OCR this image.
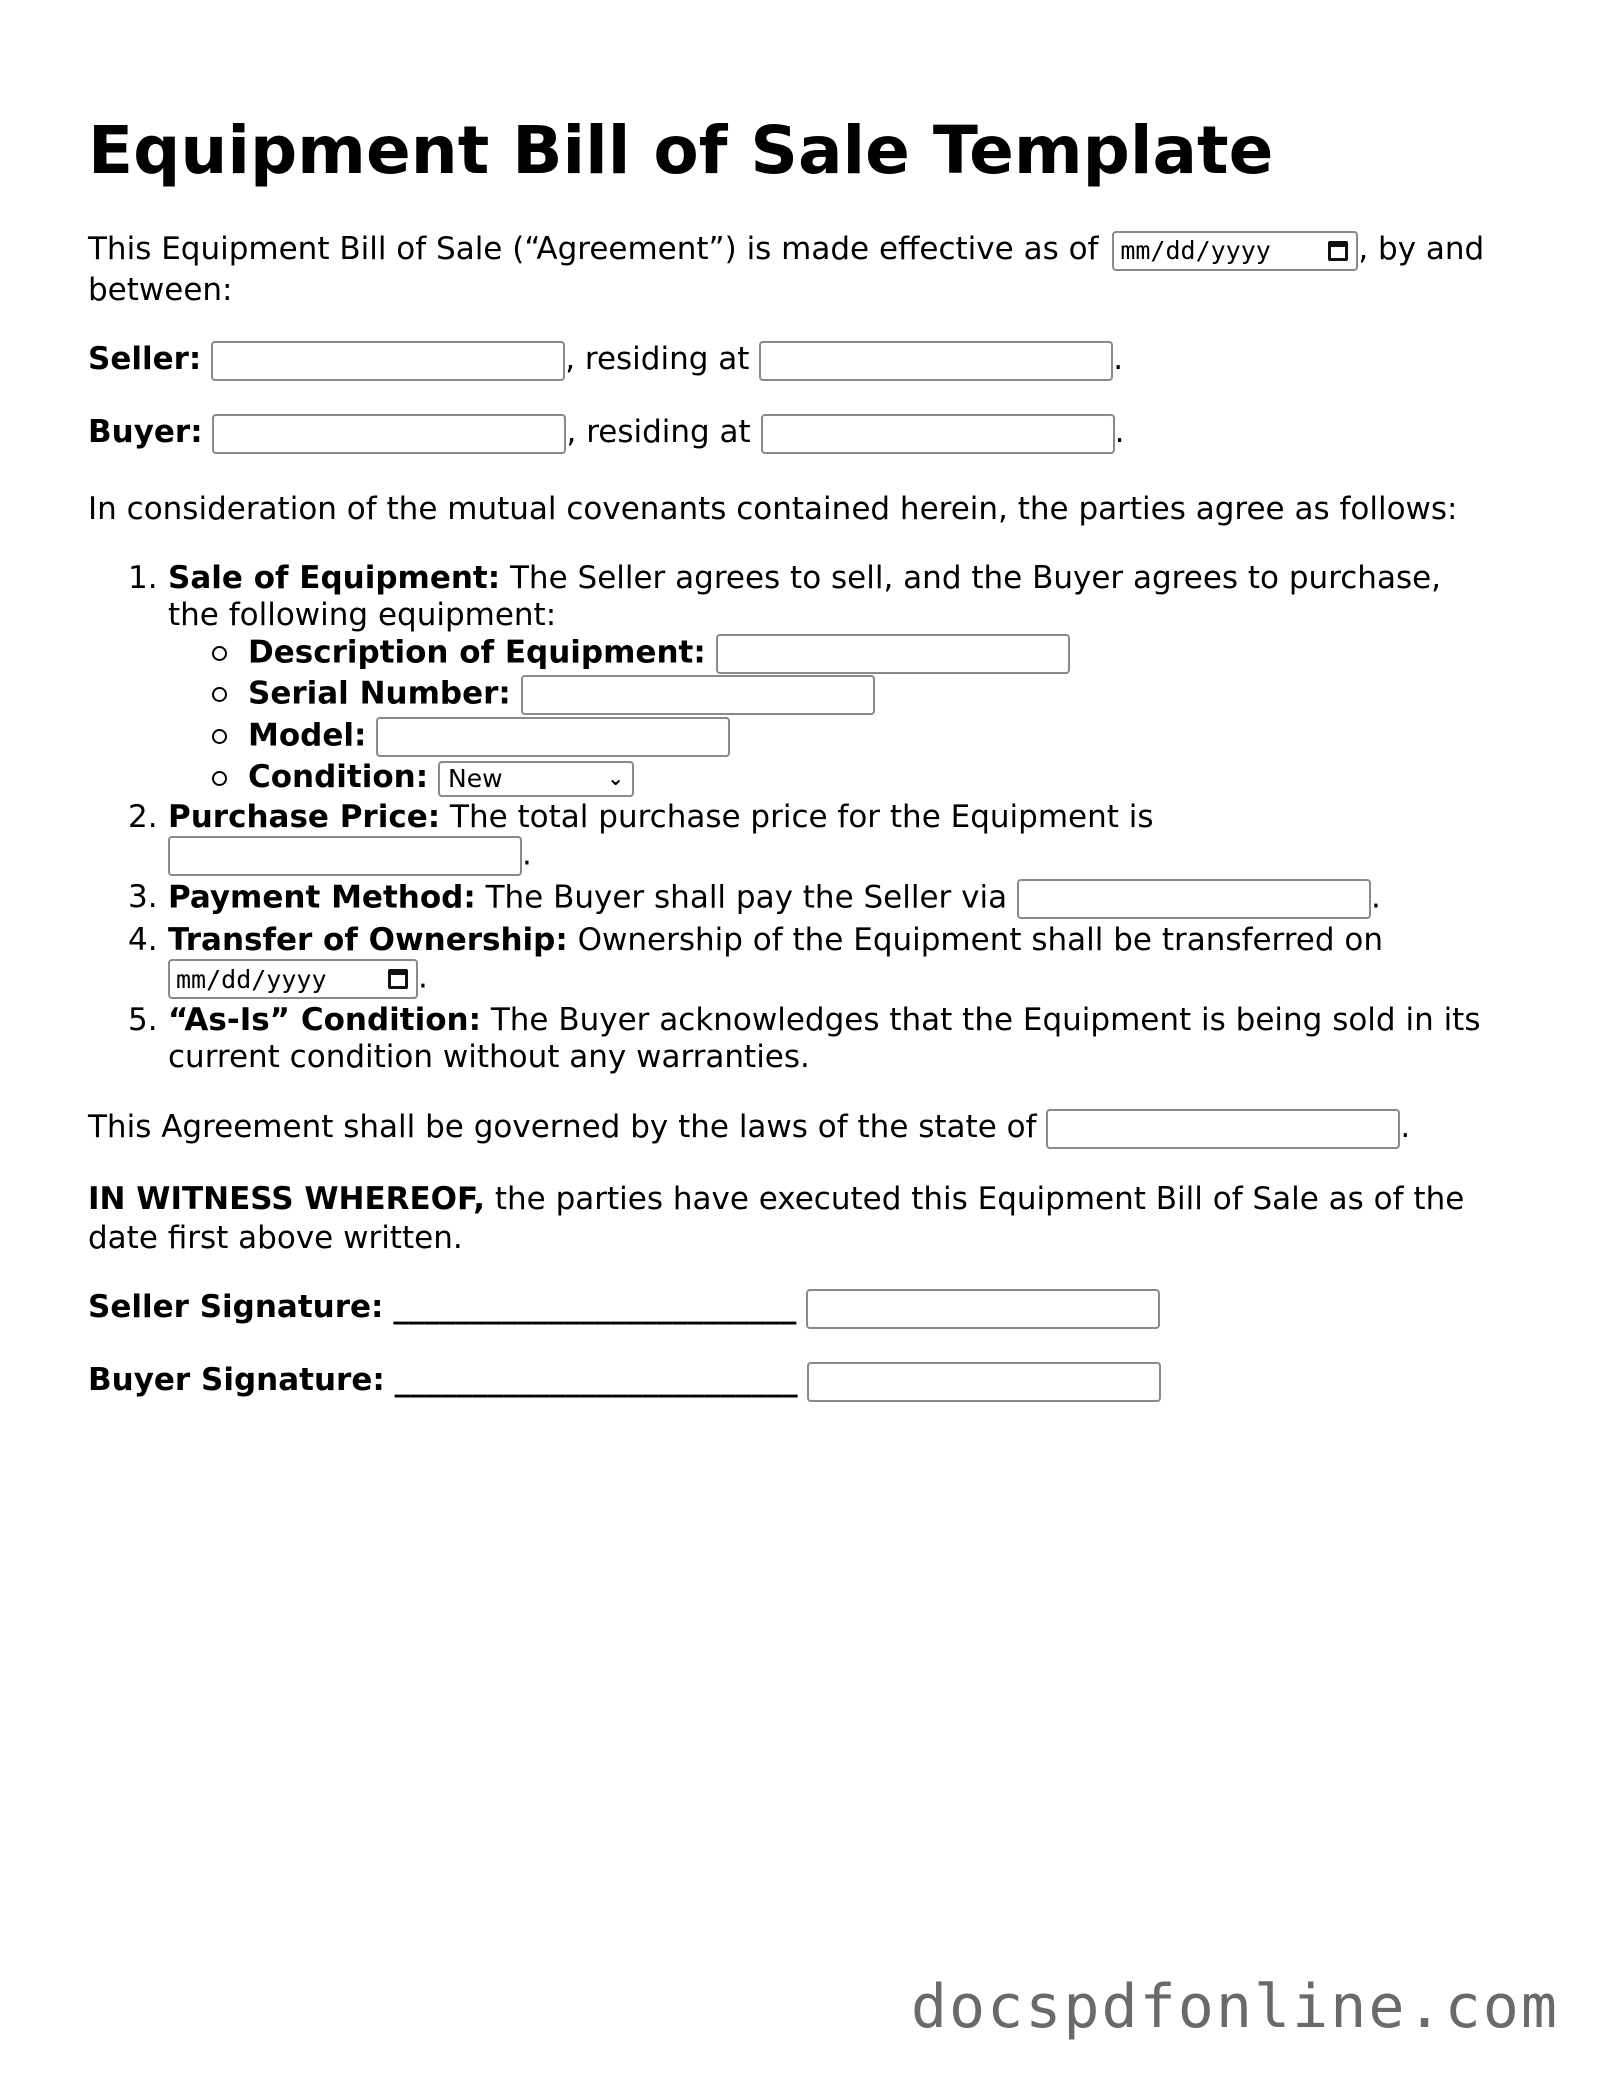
Equipment Bill of Sale Template
This Equipment Bill of Sale (“Agreement”) is made effective as of mm/dd/yyyy	, by and
between:
Seller:	, residing at	.
Buyer:	, residing at	.
In consideration of the mutual covenants contained herein, the parties agree as follows:
1. Sale of Equipment: The Seller agrees to sell, and the Buyer agrees to purchase,
the following equipment:
Description of Equipment:
Serial Number:
Model:
Condition: New	⌄
2. Purchase Price: The total purchase price for the Equipment is
.
3. Payment Method: The Buyer shall pay the Seller via	.
4. Transfer of Ownership: Ownership of the Equipment shall be transferred on

mm/dd/yyyy	.
5. “As-Is” Condition: The Buyer acknowledges that the Equipment is being sold in its
current condition without any warranties.
This Agreement shall be governed by the laws of the state of	.
IN WITNESS WHEREOF, the parties have executed this Equipment Bill of Sale as of the
date first above written.
Seller Signature: __________________________
Buyer Signature: __________________________
docspdfonline.com
